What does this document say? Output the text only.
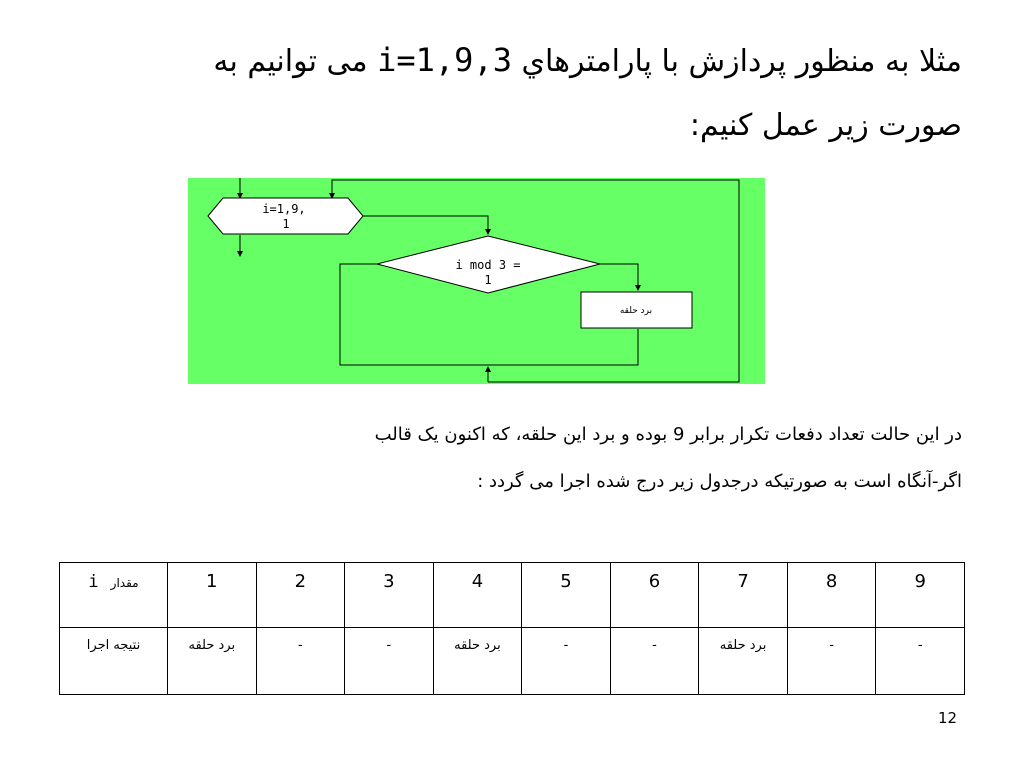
مثلا به منظور پردازش با پارامترهاي i=1,9,3 می توانیم به
صورت زیر عمل کنیم:
i=1,9,
1
i mod 3 =
1
برد حلقه
در این حالت تعداد دفعات تکرار برابر 9 بوده و برد این حلقه، که اکنون یک قالب
اگر-آنگاه است به صورتیکه درجدول زیر درج شده اجرا می گردد :
مقدارi	1	2	3	4	5	6	7	8	9
نتیجه اجرا	برد حلقه	-	-	برد حلقه	-	-	برد حلقه	-	-
12
